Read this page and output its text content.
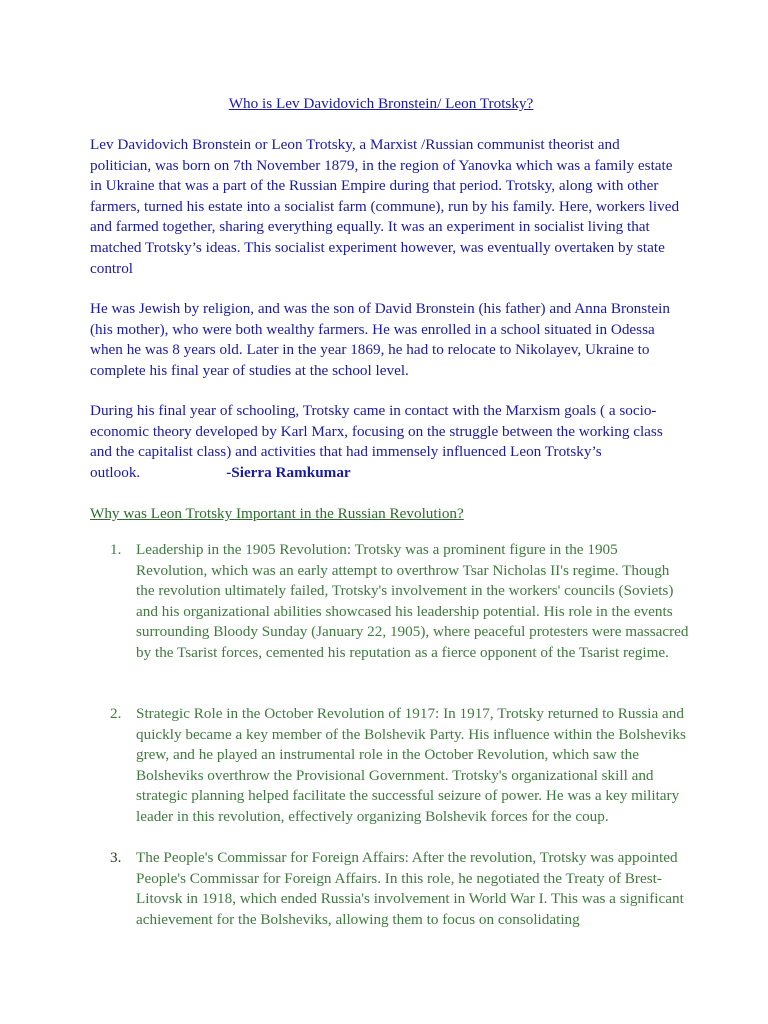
Who is Lev Davidovich Bronstein/ Leon Trotsky?

Lev Davidovich Bronstein or Leon Trotsky, a Marxist /Russian communist theorist and politician, was born on 7th November 1879, in the region of Yanovka which was a family estate in Ukraine that was a part of the Russian Empire during that period. Trotsky, along with other farmers, turned his estate into a socialist farm (commune), run by his family. Here, workers lived and farmed together, sharing everything equally. It was an experiment in socialist living that matched Trotsky’s ideas. This socialist experiment however, was eventually overtaken by state control

He was Jewish by religion, and was the son of David Bronstein (his father) and Anna Bronstein (his mother), who were both wealthy farmers. He was enrolled in a school situated in Odessa when he was 8 years old. Later in the year 1869, he had to relocate to Nikolayev, Ukraine to complete his final year of studies at the school level.

During his final year of schooling, Trotsky came in contact with the Marxism goals ( a socio-economic theory developed by Karl Marx, focusing on the struggle between the working class and the capitalist class) and activities that had immensely influenced Leon Trotsky’s outlook.	-Sierra Ramkumar

Why was Leon Trotsky Important in the Russian Revolution?
1. Leadership in the 1905 Revolution: Trotsky was a prominent figure in the 1905 Revolution, which was an early attempt to overthrow Tsar Nicholas II's regime. Though the revolution ultimately failed, Trotsky's involvement in the workers' councils (Soviets) and his organizational abilities showcased his leadership potential. His role in the events surrounding Bloody Sunday (January 22, 1905), where peaceful protesters were massacred by the Tsarist forces, cemented his reputation as a fierce opponent of the Tsarist regime.
2. Strategic Role in the October Revolution of 1917: In 1917, Trotsky returned to Russia and quickly became a key member of the Bolshevik Party. His influence within the Bolsheviks grew, and he played an instrumental role in the October Revolution, which saw the Bolsheviks overthrow the Provisional Government. Trotsky's organizational skill and strategic planning helped facilitate the successful seizure of power. He was a key military leader in this revolution, effectively organizing Bolshevik forces for the coup.
3. The People's Commissar for Foreign Affairs: After the revolution, Trotsky was appointed People's Commissar for Foreign Affairs. In this role, he negotiated the Treaty of Brest-Litovsk in 1918, which ended Russia's involvement in World War I. This was a significant achievement for the Bolsheviks, allowing them to focus on consolidating
